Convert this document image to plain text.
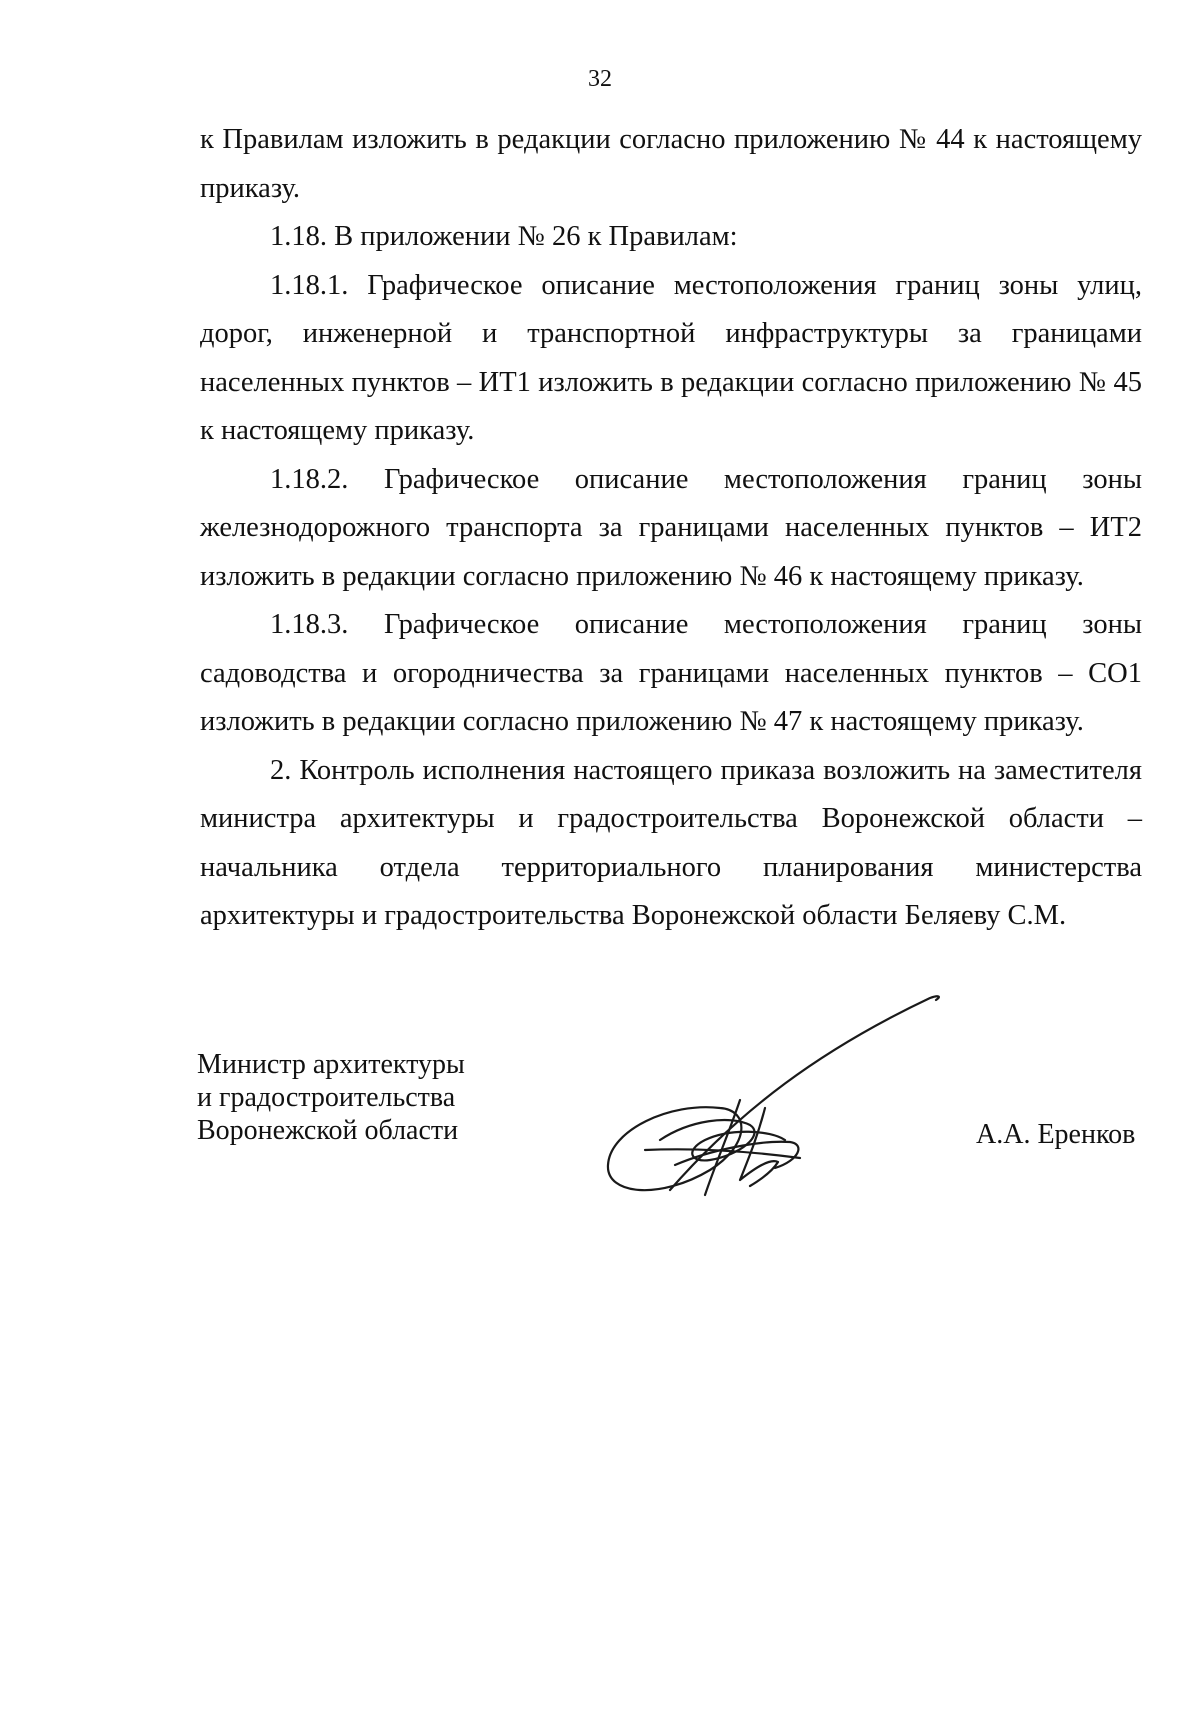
32

к Правилам изложить в редакции согласно приложению № 44 к настоящему приказу.

1.18. В приложении № 26 к Правилам:

1.18.1. Графическое описание местоположения границ зоны улиц, дорог, инженерной и транспортной инфраструктуры за границами населенных пунктов – ИТ1 изложить в редакции согласно приложению № 45 к настоящему приказу.

1.18.2. Графическое описание местоположения границ зоны железнодорожного транспорта за границами населенных пунктов – ИТ2 изложить в редакции согласно приложению № 46 к настоящему приказу.

1.18.3. Графическое описание местоположения границ зоны садоводства и огородничества за границами населенных пунктов – СО1 изложить в редакции согласно приложению № 47 к настоящему приказу.

2. Контроль исполнения настоящего приказа возложить на заместителя министра архитектуры и градостроительства Воронежской области – начальника отдела территориального планирования министерства архитектуры и градостроительства Воронежской области Беляеву С.М.

Министр архитектуры
и градостроительства
Воронежской области	А.А. Еренков
